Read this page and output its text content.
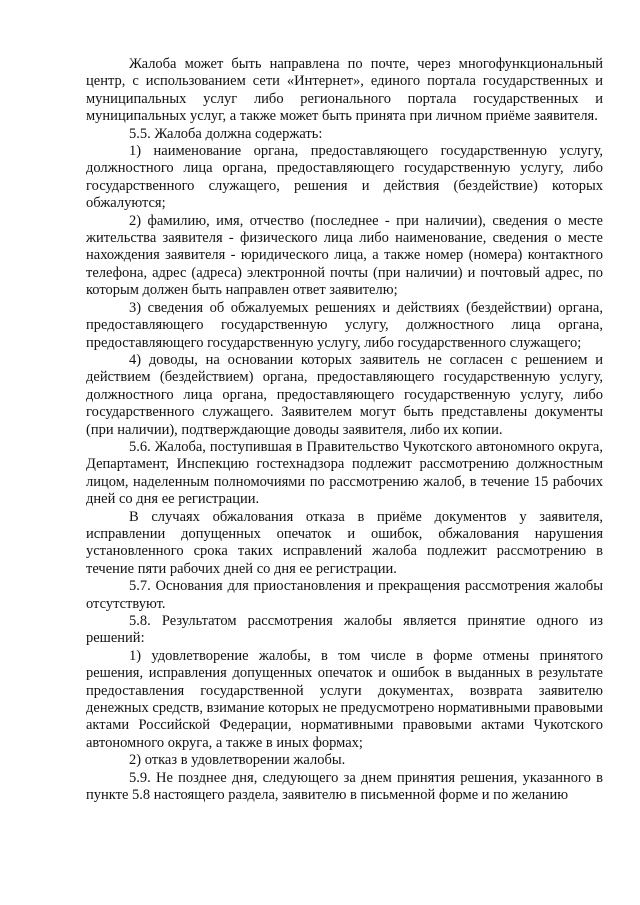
Жалоба может быть направлена по почте, через многофункциональный центр, с использованием сети «Интернет», единого портала государственных и муниципальных услуг либо регионального портала государственных и муниципальных услуг, а также может быть принята при личном приёме заявителя.

5.5. Жалоба должна содержать:

1) наименование органа, предоставляющего государственную услугу, должностного лица органа, предоставляющего государственную услугу, либо государственного служащего, решения и действия (бездействие) которых обжалуются;

2) фамилию, имя, отчество (последнее - при наличии), сведения о месте жительства заявителя - физического лица либо наименование, сведения о месте нахождения заявителя - юридического лица, а также номер (номера) контактного телефона, адрес (адреса) электронной почты (при наличии) и почтовый адрес, по которым должен быть направлен ответ заявителю;

3) сведения об обжалуемых решениях и действиях (бездействии) органа, предоставляющего государственную услугу, должностного лица органа, предоставляющего государственную услугу, либо государственного служащего;

4) доводы, на основании которых заявитель не согласен с решением и действием (бездействием) органа, предоставляющего государственную услугу, должностного лица органа, предоставляющего государственную услугу, либо государственного служащего. Заявителем могут быть представлены документы (при наличии), подтверждающие доводы заявителя, либо их копии.

5.6. Жалоба, поступившая в Правительство Чукотского автономного округа, Департамент, Инспекцию гостехнадзора подлежит рассмотрению должностным лицом, наделенным полномочиями по рассмотрению жалоб, в течение 15 рабочих дней со дня ее регистрации.

В случаях обжалования отказа в приёме документов у заявителя, исправлении допущенных опечаток и ошибок, обжалования нарушения установленного срока таких исправлений жалоба подлежит рассмотрению в течение пяти рабочих дней со дня ее регистрации.

5.7. Основания для приостановления и прекращения рассмотрения жалобы отсутствуют.

5.8. Результатом рассмотрения жалобы является принятие одного из решений:

1) удовлетворение жалобы, в том числе в форме отмены принятого решения, исправления допущенных опечаток и ошибок в выданных в результате предоставления государственной услуги документах, возврата заявителю денежных средств, взимание которых не предусмотрено нормативными правовыми актами Российской Федерации, нормативными правовыми актами Чукотского автономного округа, а также в иных формах;

2) отказ в удовлетворении жалобы.

5.9. Не позднее дня, следующего за днем принятия решения, указанного в пункте 5.8 настоящего раздела, заявителю в письменной форме и по желанию
